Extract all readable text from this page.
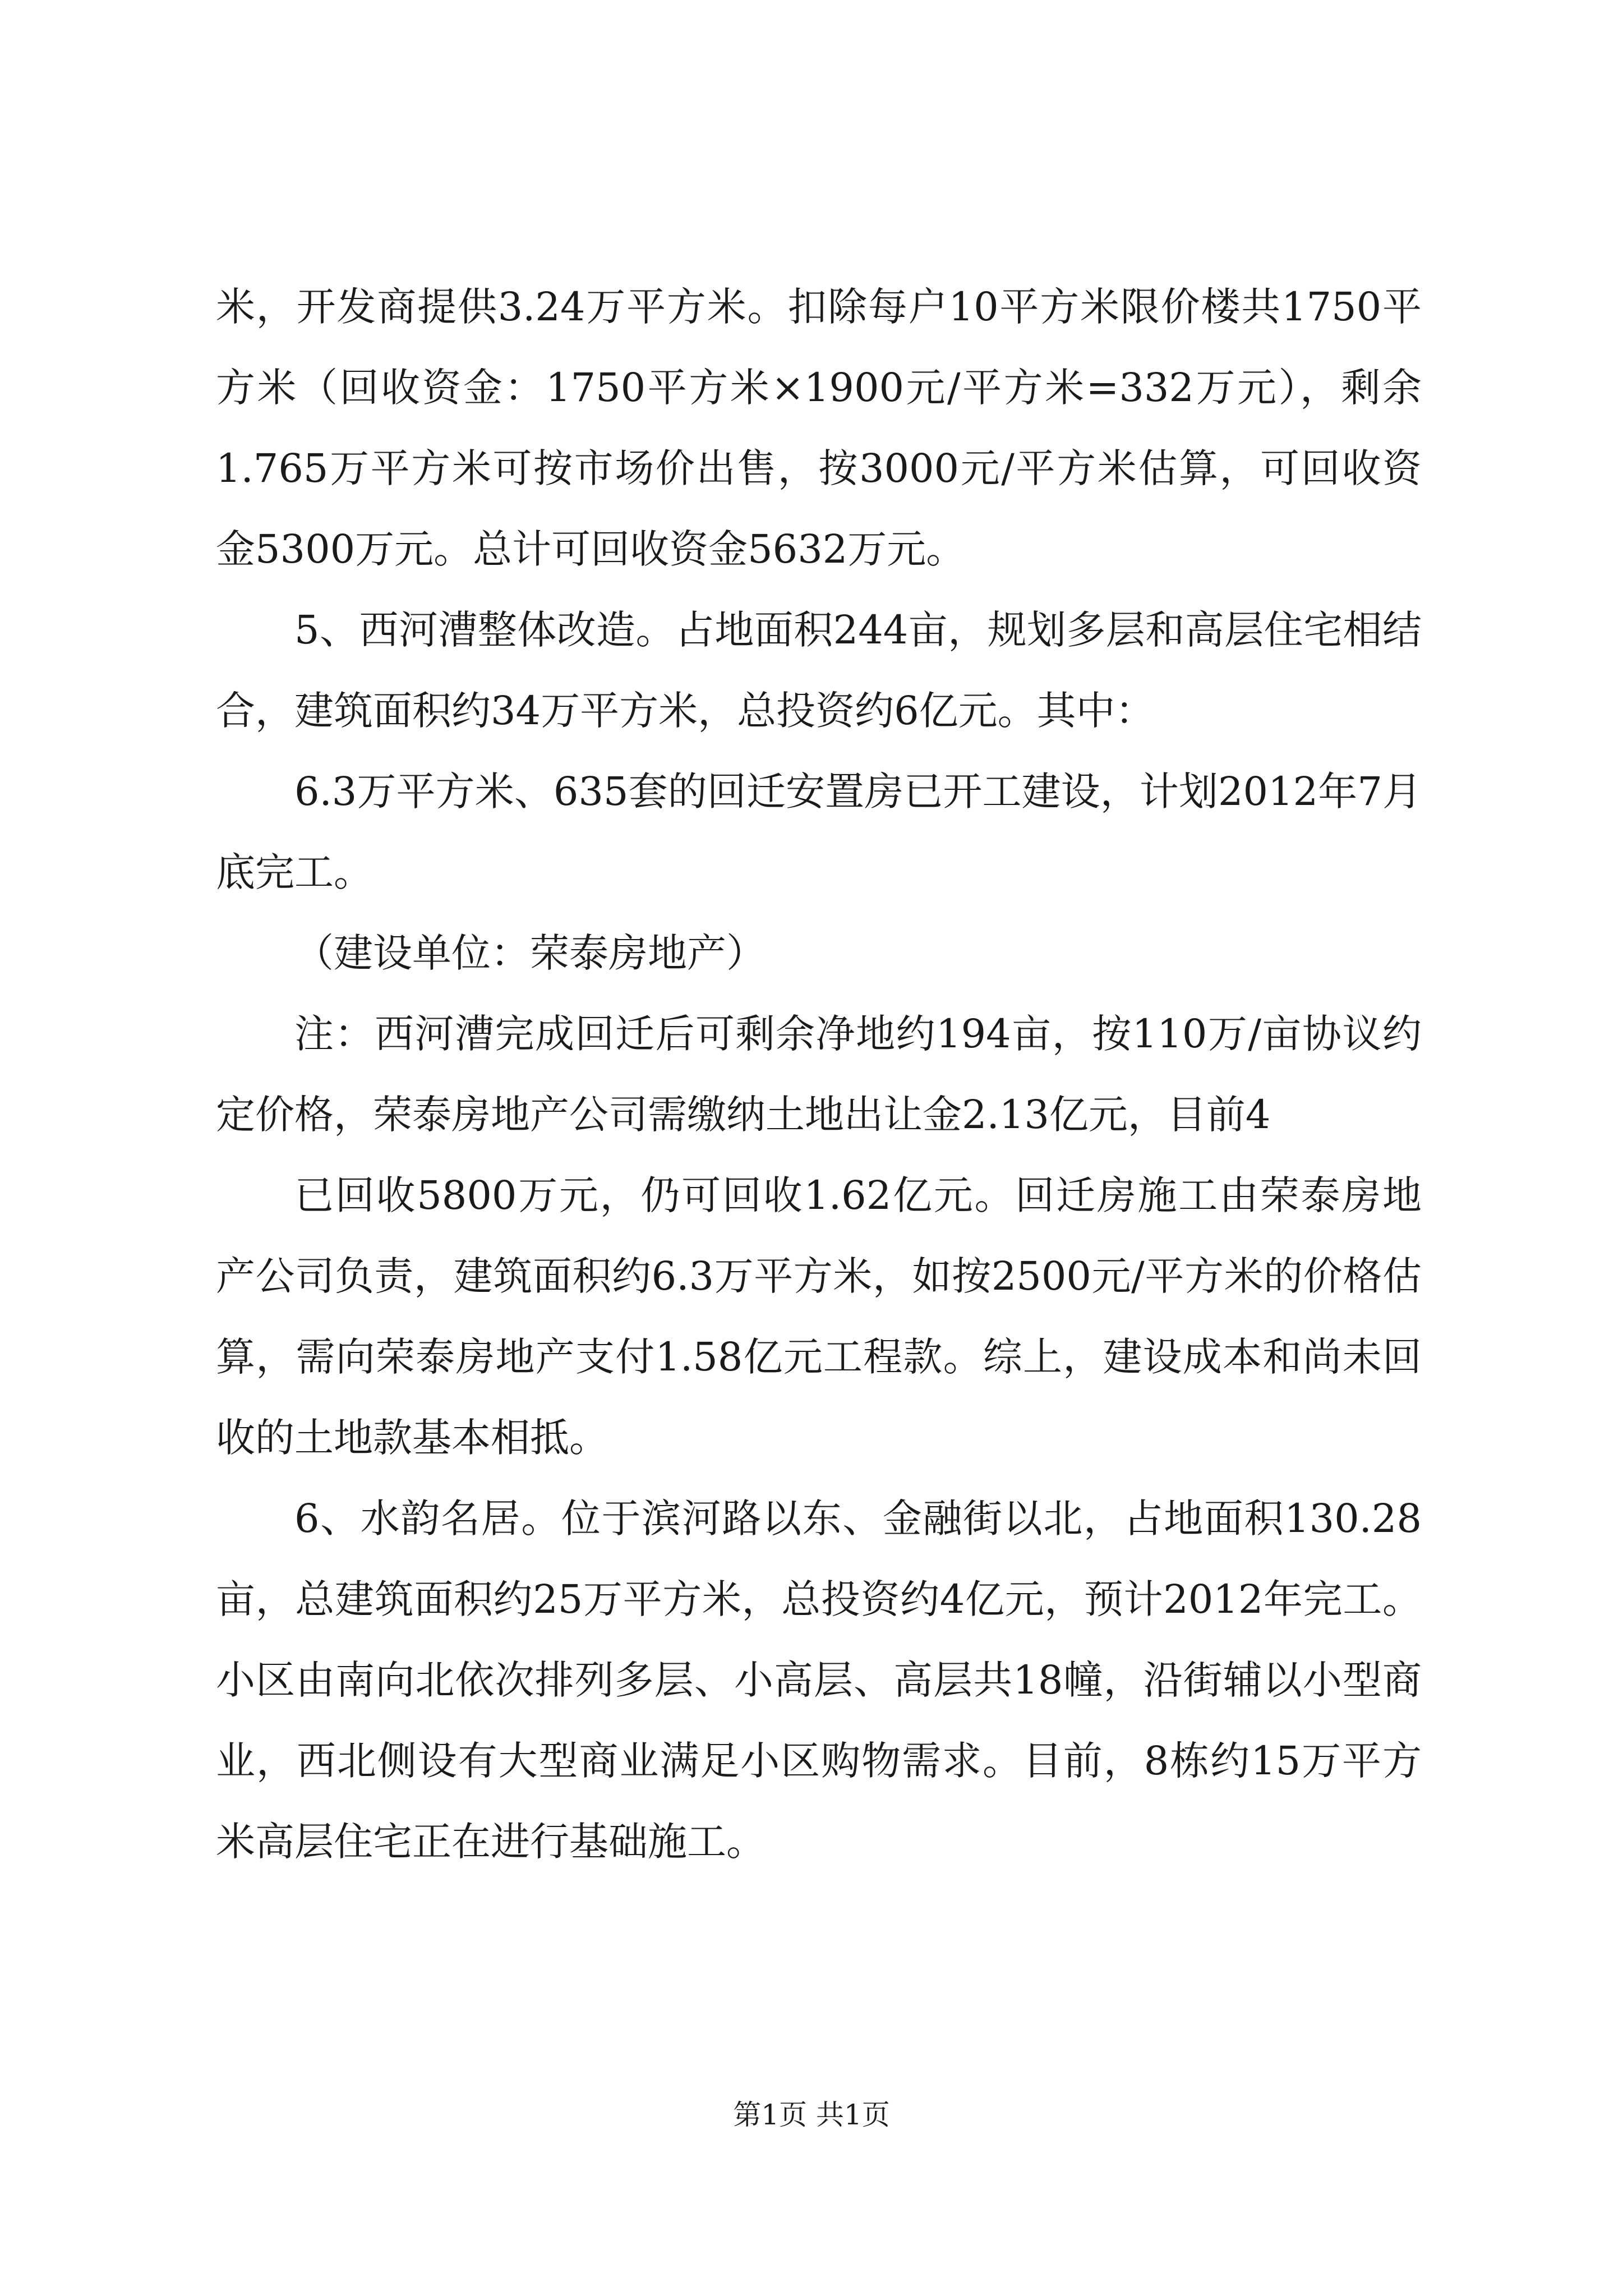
米，开发商提供3.24万平方米。扣除每户10平方米限价楼共1750平方米（回收资金：1750平方米×1900元/平方米=332万元），剩余1.765万平方米可按市场价出售，按3000元/平方米估算，可回收资金5300万元。总计可回收资金5632万元。

5、西河漕整体改造。占地面积244亩，规划多层和高层住宅相结合，建筑面积约34万平方米，总投资约6亿元。其中：

6.3万平方米、635套的回迁安置房已开工建设，计划2012年7月底完工。

（建设单位：荣泰房地产）

注：西河漕完成回迁后可剩余净地约194亩，按110万/亩协议约定价格，荣泰房地产公司需缴纳土地出让金2.13亿元，目前4

已回收5800万元，仍可回收1.62亿元。回迁房施工由荣泰房地产公司负责，建筑面积约6.3万平方米，如按2500元/平方米的价格估算，需向荣泰房地产支付1.58亿元工程款。综上，建设成本和尚未回收的土地款基本相抵。

6、水韵名居。位于滨河路以东、金融街以北，占地面积130.28亩，总建筑面积约25万平方米，总投资约4亿元，预计2012年完工。小区由南向北依次排列多层、小高层、高层共18幢，沿街辅以小型商业，西北侧设有大型商业满足小区购物需求。目前，8栋约15万平方米高层住宅正在进行基础施工。

第1页 共1页
